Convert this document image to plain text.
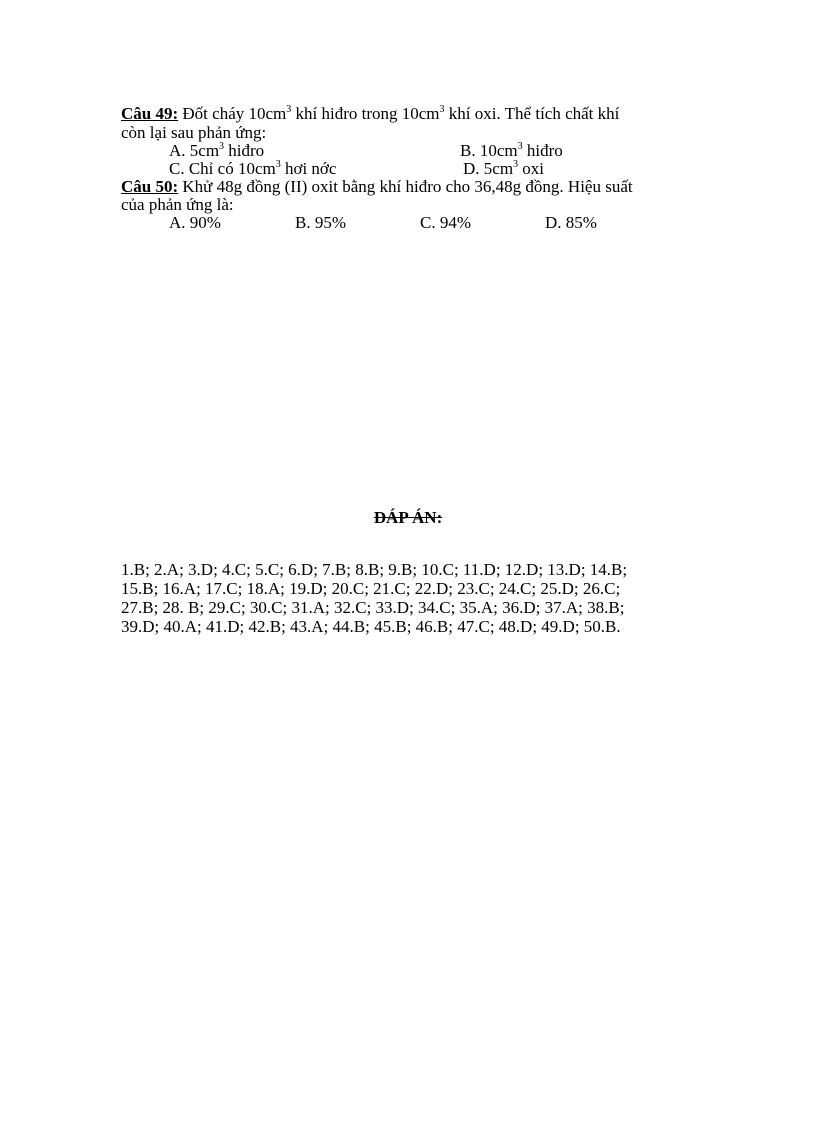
Câu 49: Đốt cháy $10cm^3$ khí hiđro trong $10cm^3$ khí oxi. Thể tích chất khí
còn lại sau phản ứng:
A. $5cm^3$ hiđro	B. $10cm^3$ hiđro
C. Chỉ có $10cm^3$ hơi nớc	D. $5cm^3$ oxi
Câu 50: Khử 48g đồng (II) oxit bằng khí hiđro cho 36,48g đồng. Hiệu suất
của phản ứng là:
A. 90%	B. 95%	C. 94%	D. 85%
ĐÁP ÁN:
1.B; 2.A; 3.D; 4.C; 5.C; 6.D; 7.B; 8.B; 9.B; 10.C; 11.D; 12.D; 13.D; 14.B;
15.B; 16.A; 17.C; 18.A; 19.D; 20.C; 21.C; 22.D; 23.C; 24.C; 25.D; 26.C;
27.B; 28. B; 29.C; 30.C; 31.A; 32.C; 33.D; 34.C; 35.A; 36.D; 37.A; 38.B;
39.D; 40.A; 41.D; 42.B; 43.A; 44.B; 45.B; 46.B; 47.C; 48.D; 49.D; 50.B.
